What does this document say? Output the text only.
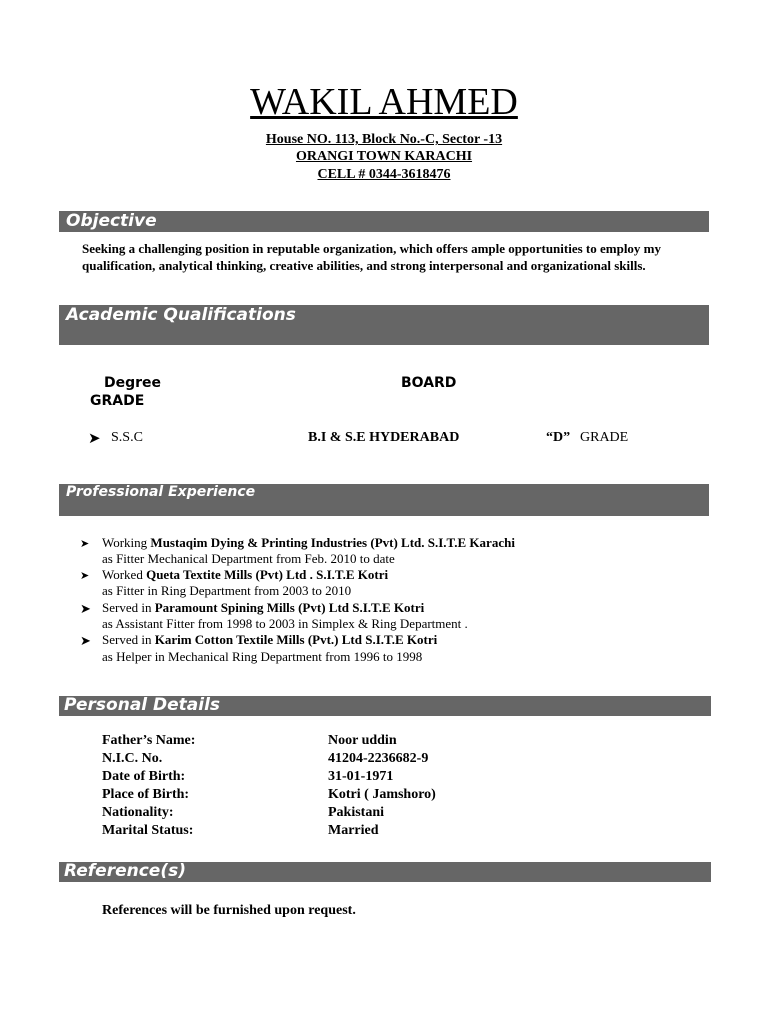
WAKIL AHMED
House NO. 113, Block No.-C, Sector -13
ORANGI TOWN KARACHI
CELL # 0344-3618476
Objective
Seeking a challenging position in reputable organization, which offers ample opportunities to employ my
qualification, analytical thinking, creative abilities, and strong interpersonal and organizational skills.
Academic Qualifications
Degree	BOARD
GRADE
➤ S.S.C	B.I & S.E HYDERABAD	“D” GRADE
Professional Experience
➤ Working Mustaqim Dying & Printing Industries (Pvt) Ltd. S.I.T.E Karachi
as Fitter Mechanical Department from Feb. 2010 to date
➤ Worked Queta Textite Mills (Pvt) Ltd . S.I.T.E Kotri
as Fitter in Ring Department from 2003 to 2010
➤ Served in Paramount Spining Mills (Pvt) Ltd S.I.T.E Kotri
as Assistant Fitter from 1998 to 2003 in Simplex & Ring Department .
➤ Served in Karim Cotton Textile Mills (Pvt.) Ltd S.I.T.E Kotri
as Helper in Mechanical Ring Department from 1996 to 1998
Personal Details
Father’s Name:	Noor uddin
N.I.C. No.	41204-2236682-9
Date of Birth:	31-01-1971
Place of Birth:	Kotri ( Jamshoro)
Nationality:	Pakistani
Marital Status:	Married
Reference(s)
References will be furnished upon request.
